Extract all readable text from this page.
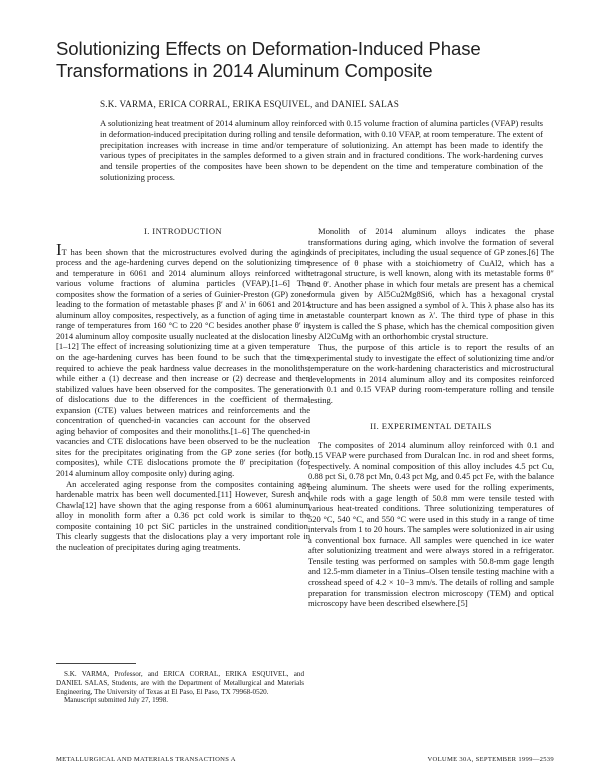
Solutionizing Effects on Deformation-Induced Phase Transformations in 2014 Aluminum Composite
S.K. VARMA, ERICA CORRAL, ERIKA ESQUIVEL, and DANIEL SALAS
A solutionizing heat treatment of 2014 aluminum alloy reinforced with 0.15 volume fraction of alumina particles (VFAP) results in deformation-induced precipitation during rolling and tensile deformation, with 0.10 VFAP, at room temperature. The extent of precipitation increases with increase in time and/or temperature of solutionizing. An attempt has been made to identify the various types of precipitates in the samples deformed to a given strain and in fractured conditions. The work-hardening curves and tensile properties of the composites have been shown to be dependent on the time and temperature combination of the solutionizing process.

I. INTRODUCTION

IT has been shown that the microstructures evolved during the aging process and the age-hardening curves depend on the solutionizing time and temperature in 6061 and 2014 aluminum alloys reinforced with various volume fractions of alumina particles (VFAP).[1–6] The composites show the formation of a series of Guinier-Preston (GP) zones leading to the formation of metastable phases β′ and λ′ in 6061 and 2014 aluminum alloy composites, respectively, as a function of aging time in a range of temperatures from 160 °C to 220 °C besides another phase θ′ in 2014 aluminum alloy composite usually nucleated at the dislocation lines.[1–12] The effect of increasing solutionizing time at a given temperature on the age-hardening curves has been found to be such that the time required to achieve the peak hardness value decreases in the monoliths, while either a (1) decrease and then increase or (2) decrease and then stabilized values have been observed for the composites. The generation of dislocations due to the differences in the coefficient of thermal expansion (CTE) values between matrices and reinforcements and the concentration of quenched-in vacancies can account for the observed aging behavior of composites and their monoliths.[1–6] The quenched-in vacancies and CTE dislocations have been observed to be the nucleation sites for the precipitates originating from the GP zone series (for both composites), while CTE dislocations promote the θ′ precipitation (for 2014 aluminum alloy composite only) during aging.

An accelerated aging response from the composites containing age hardenable matrix has been well documented.[11] However, Suresh and Chawla[12] have shown that the aging response from a 6061 aluminum alloy in monolith form after a 0.36 pct cold work is similar to the composite containing 10 pct SiC particles in the unstrained condition. This clearly suggests that the dislocations play a very important role in the nucleation of precipitates during aging treatments.

Monolith of 2014 aluminum alloys indicates the phase transformations during aging, which involve the formation of several kinds of precipitates, including the usual sequence of GP zones.[6] The presence of θ phase with a stoichiometry of CuAl2, which has a tetragonal structure, is well known, along with its metastable forms θ″ and θ′. Another phase in which four metals are present has a chemical formula given by Al5Cu2Mg8Si6, which has a hexagonal crystal structure and has been assigned a symbol of λ. This λ phase also has its metastable counterpart known as λ′. The third type of phase in this system is called the S phase, which has the chemical composition given by Al2CuMg with an orthorhombic crystal structure.

Thus, the purpose of this article is to report the results of an experimental study to investigate the effect of solutionizing time and/or temperature on the work-hardening characteristics and microstructural developments in 2014 aluminum alloy and its composites reinforced with 0.1 and 0.15 VFAP during room-temperature rolling and tensile testing.

II. EXPERIMENTAL DETAILS

The composites of 2014 aluminum alloy reinforced with 0.1 and 0.15 VFAP were purchased from Duralcan Inc. in rod and sheet forms, respectively. A nominal composition of this alloy includes 4.5 pct Cu, 0.88 pct Si, 0.78 pct Mn, 0.43 pct Mg, and 0.45 pct Fe, with the balance being aluminum. The sheets were used for the rolling experiments, while rods with a gage length of 50.8 mm were tensile tested with various heat-treated conditions. Three solutionizing temperatures of 520 °C, 540 °C, and 550 °C were used in this study in a range of time intervals from 1 to 20 hours. The samples were solutionized in air using a conventional box furnace. All samples were quenched in ice water after solutionizing treatment and were always stored in a refrigerator. Tensile testing was performed on samples with 50.8-mm gage length and 12.5-mm diameter in a Tinius–Olsen tensile testing machine with a crosshead speed of 4.2 × 10−3 mm/s. The details of rolling and sample preparation for transmission electron microscopy (TEM) and optical microscopy have been described elsewhere.[5]

S.K. VARMA, Professor, and ERICA CORRAL, ERIKA ESQUIVEL, and DANIEL SALAS, Students, are with the Department of Metallurgical and Materials Engineering, The University of Texas at El Paso, El Paso, TX 79968-0520.

Manuscript submitted July 27, 1998.

METALLURGICAL AND MATERIALS TRANSACTIONS A	VOLUME 30A, SEPTEMBER 1999—2539
